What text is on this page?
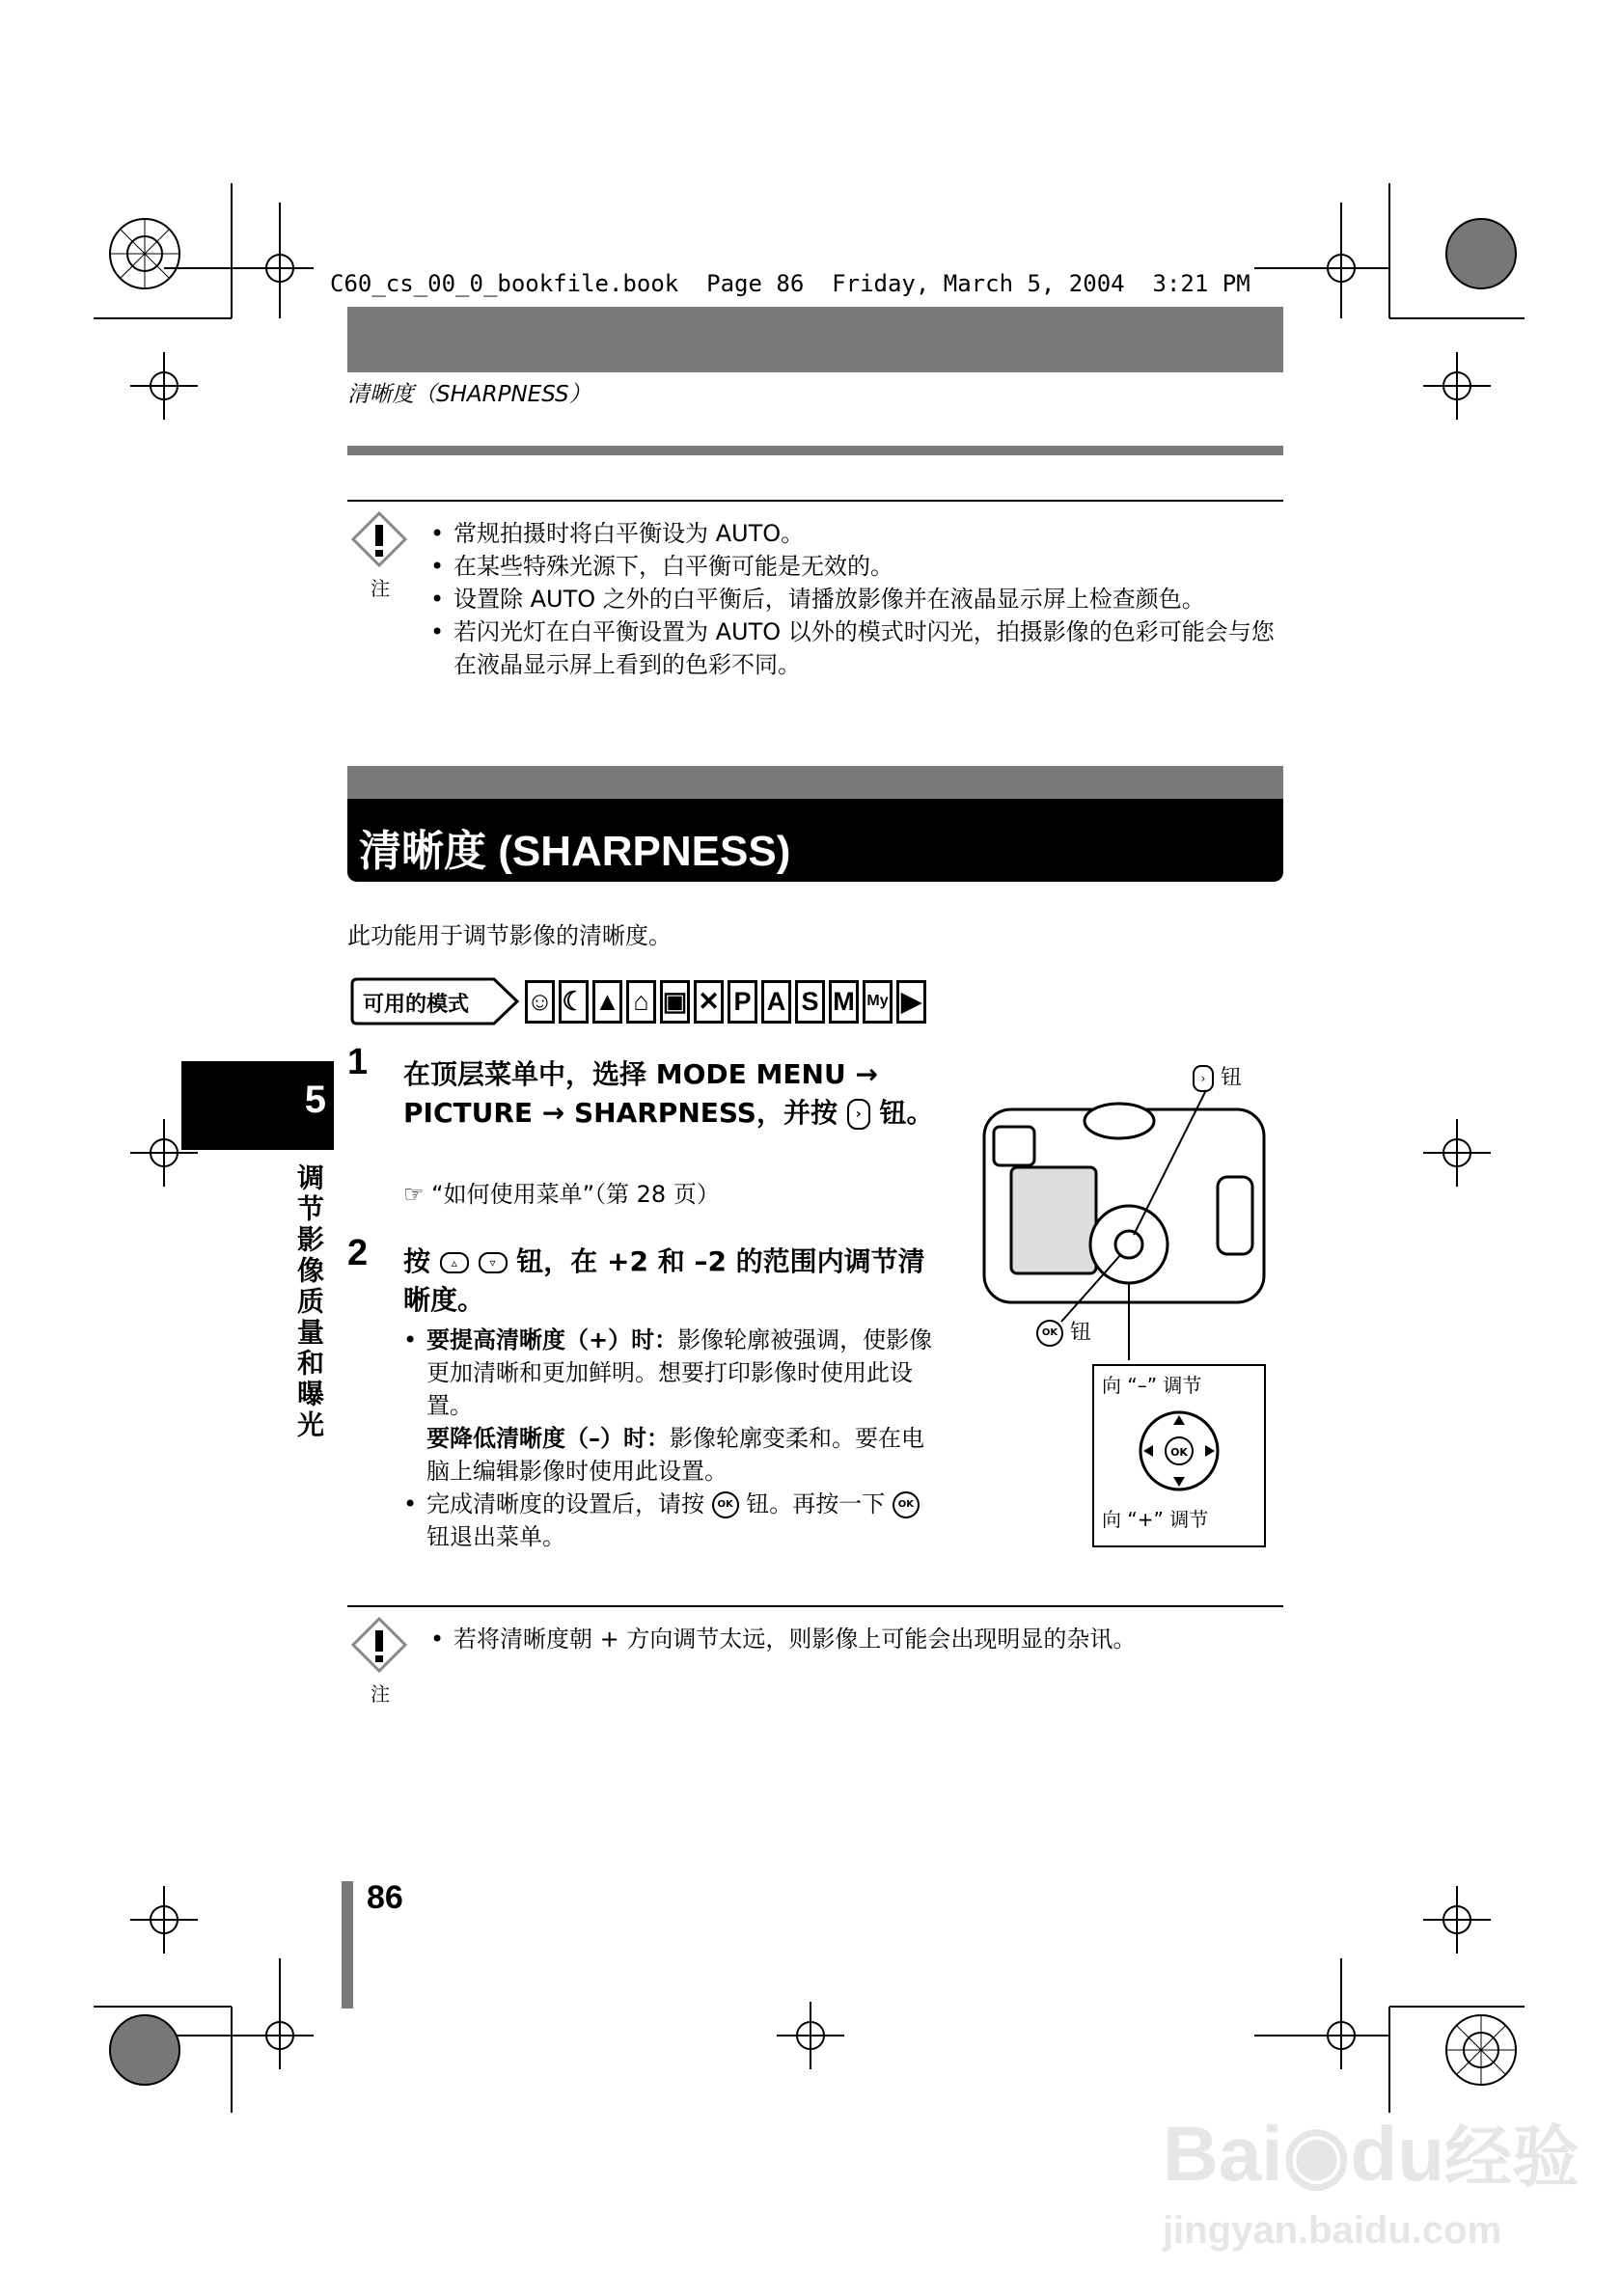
C60_cs_00_0_bookfile.book  Page 86  Friday, March 5, 2004  3:21 PM
清晰度（SHARPNESS）
注
• 常规拍摄时将白平衡设为 AUTO。
• 在某些特殊光源下，白平衡可能是无效的。
• 设置除 AUTO 之外的白平衡后，请播放影像并在液晶显示屏上检查颜色。
• 若闪光灯在白平衡设置为 AUTO 以外的模式时闪光，拍摄影像的色彩可能会与您在液晶显示屏上看到的色彩不同。
清晰度 (SHARPNESS)
此功能用于调节影像的清晰度。
可用的模式 ☺ ☾ ▲ ⌂ ▣ ✕ P A S M My ▶
5
调节影像质量和曝光
1 在顶层菜单中，选择 MODE MENU → PICTURE → SHARPNESS，并按 › 钮。
☞ “如何使用菜单”（第 28 页）
2 按 ▵	▿ 钮，在 +2 和 –2 的范围内调节清晰度。
• 要提高清晰度（+）时：影像轮廓被强调，使影像更加清晰和更加鲜明。想要打印影像时使用此设置。
要降低清晰度（–）时：影像轮廓变柔和。要在电脑上编辑影像时使用此设置。
• 完成清晰度的设置后，请按 OK 钮。再按一下 OK 钮退出菜单。
› 钮
OK 钮
向 “–” 调节
OK
向 “+” 调节
注
• 若将清晰度朝 + 方向调节太远，则影像上可能会出现明显的杂讯。
86
Bai◉du经验
jingyan.baidu.com
